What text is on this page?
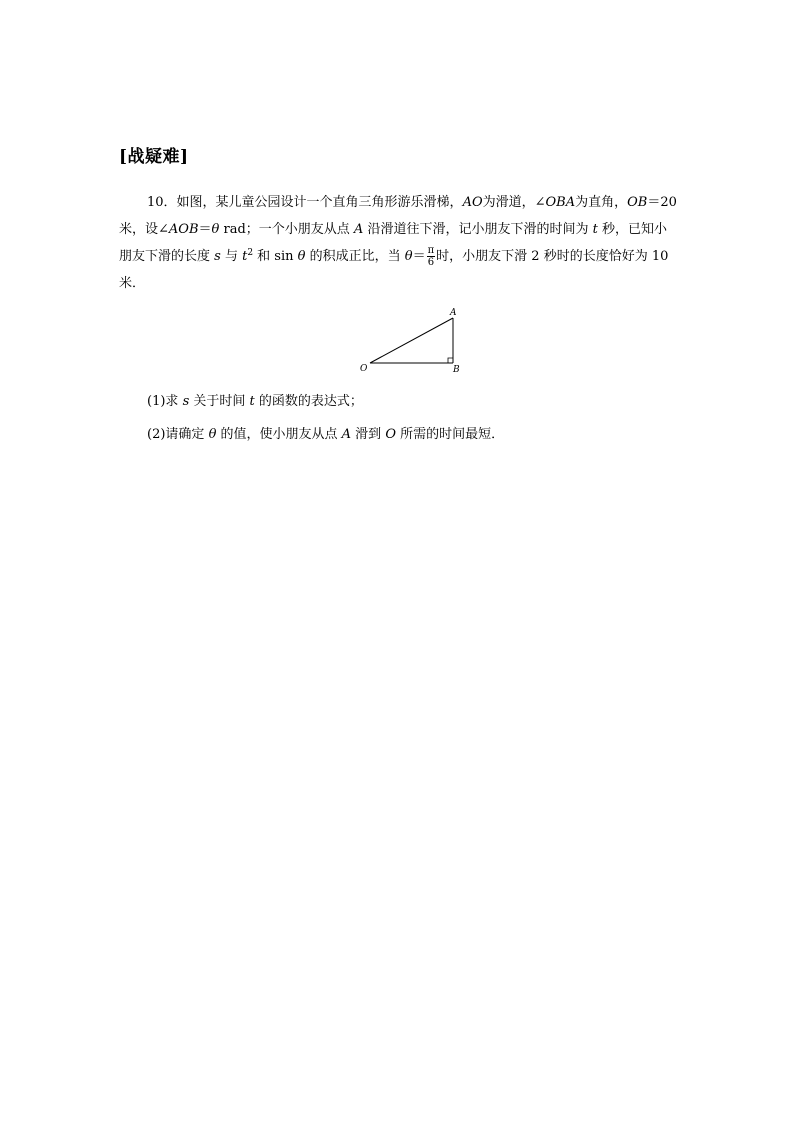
[战疑难]
10．如图，某儿童公园设计一个直角三角形游乐滑梯，AO为滑道，∠OBA为直角，OB＝20 米，设∠AOB＝θ rad；一个小朋友从点 A 沿滑道往下滑，记小朋友下滑的时间为 t 秒，已知小朋友下滑的长度 s 与 $t^2$ 和 sin θ 的积成正比，当 $\theta= \frac{\pi}{6}$ 时，小朋友下滑 2 秒时的长度恰好为 10 米．
A
O	B
(1)求 s 关于时间 t 的函数的表达式；
(2)请确定 θ 的值，使小朋友从点 A 滑到 O 所需的时间最短．
